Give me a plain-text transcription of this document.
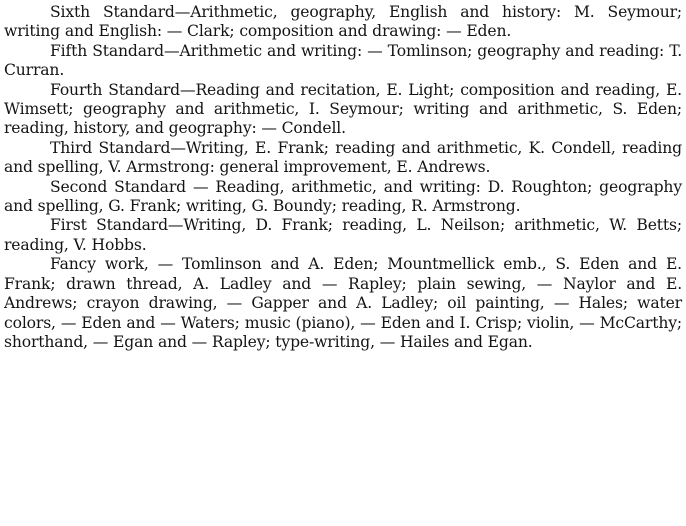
Sixth Standard—Arithmetic, geography, English and history: M. Seymour; writing and English: — Clark; composition and drawing: — Eden.

Fifth Standard—Arithmetic and writing: — Tomlinson; geography and reading: T. Curran.

Fourth Standard—Reading and recitation, E. Light; composition and reading, E. Wimsett; geography and arithmetic, I. Seymour; writing and arithmetic, S. Eden; reading, history, and geography: — Condell.

Third Standard—Writing, E. Frank; reading and arithmetic, K. Condell, reading and spelling, V. Armstrong: general improvement, E. Andrews.

Second Standard — Reading, arithmetic, and writing: D. Roughton; geography and spelling, G. Frank; writing, G. Boundy; reading, R. Armstrong.

First Standard—Writing, D. Frank; reading, L. Neilson; arithmetic, W. Betts; reading, V. Hobbs.

Fancy work, — Tomlinson and A. Eden; Mountmellick emb., S. Eden and E. Frank; drawn thread, A. Ladley and — Rapley; plain sewing, — Naylor and E. Andrews; crayon drawing, — Gapper and A. Ladley; oil painting, — Hales; water colors, — Eden and — Waters; music (piano), — Eden and I. Crisp; violin, — McCarthy; shorthand, — Egan and — Rapley; type-writing, — Hailes and Egan.
